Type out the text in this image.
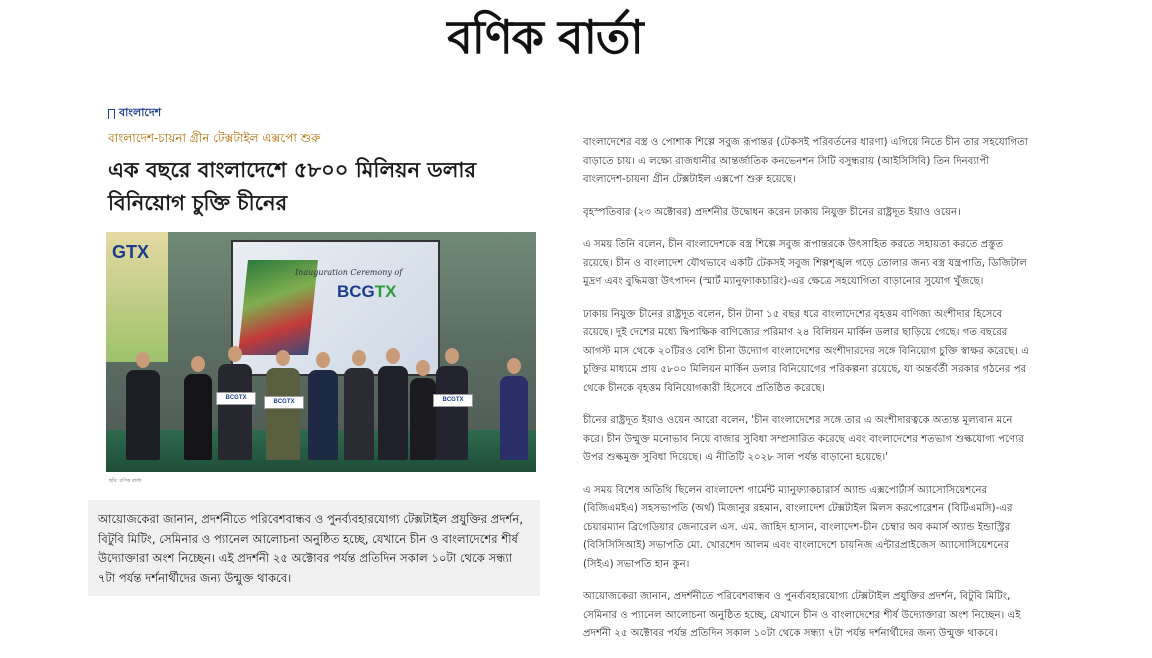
বণিক বার্তা
বাংলাদেশ
বাংলাদেশ-চায়না গ্রীন টেক্সটাইল এক্সপো শুরু
এক বছরে বাংলাদেশে ৫৮০০ মিলিয়ন ডলার
বিনিয়োগ চুক্তি চীনের
GTX
Inauguration Ceremony of
BCGTX
BCGTX
BCGTX	BCGTX
ছবি: বণিক বার্তা
আয়োজকেরা জানান, প্রদর্শনীতে পরিবেশবান্ধব ও পুনর্ব্যবহারযোগ্য টেক্সটাইল প্রযুক্তির প্রদর্শন, বিটুবি মিটিং, সেমিনার ও প্যানেল আলোচনা অনুষ্ঠিত হচ্ছে, যেখানে চীন ও বাংলাদেশের শীর্ষ উদ্যোক্তারা অংশ নিচ্ছেন। এই প্রদর্শনী ২৫ অক্টোবর পর্যন্ত প্রতিদিন সকাল ১০টা থেকে সন্ধ্যা ৭টা পর্যন্ত দর্শনার্থীদের জন্য উন্মুক্ত থাকবে।

বাংলাদেশের বস্ত্র ও পোশাক শিল্পে সবুজ রূপান্তর (টেকসই পরিবর্তনের ধারণা) এগিয়ে নিতে চীন তার সহযোগিতা বাড়াতে চায়। এ লক্ষ্যে রাজধানীর আন্তর্জাতিক কনভেনশন সিটি বসুন্ধরায় (আইসিসিবি) তিন দিনব্যাপী বাংলাদেশ-চায়না গ্রীন টেক্সটাইল এক্সপো শুরু হয়েছে।

বৃহস্পতিবার (২৩ অক্টোবর) প্রদর্শনীর উদ্বোধন করেন ঢাকায় নিযুক্ত চীনের রাষ্ট্রদূত ইয়াও ওয়েন।

এ সময় তিনি বলেন, চীন বাংলাদেশকে বস্ত্র শিল্পে সবুজ রূপান্তরকে উৎসাহিত করতে সহায়তা করতে প্রস্তুত রয়েছে। চীন ও বাংলাদেশ যৌথভাবে একটি টেকসই সবুজ শিল্পশৃঙ্খল গড়ে তোলার জন্য বস্ত্র যন্ত্রপাতি, ডিজিটাল মুদ্রণ এবং বুদ্ধিমত্তা উৎপাদন (স্মার্ট ম্যানুফ্যাকচারিং)-এর ক্ষেত্রে সহযোগিতা বাড়ানোর সুযোগ খুঁজছে।

ঢাকায় নিযুক্ত চীনের রাষ্ট্রদূত বলেন, চীন টানা ১৫ বছর ধরে বাংলাদেশের বৃহত্তম বাণিজ্য অংশীদার হিসেবে রয়েছে। দুই দেশের মধ্যে দ্বিপাক্ষিক বাণিজ্যের পরিমাণ ২৪ বিলিয়ন মার্কিন ডলার ছাড়িয়ে গেছে। গত বছরের আগস্ট মাস থেকে ২০টিরও বেশি চীনা উদ্যোগ বাংলাদেশের অংশীদারদের সঙ্গে বিনিয়োগ চুক্তি স্বাক্ষর করেছে। এ চুক্তির মাধ্যমে প্রায় ৫৮০০ মিলিয়ন মার্কিন ডলার বিনিয়োগের পরিকল্পনা রয়েছে, যা অন্তর্বর্তী সরকার গঠনের পর থেকে চীনকে বৃহত্তম বিনিয়োগকারী হিসেবে প্রতিষ্ঠিত করেছে।

চীনের রাষ্ট্রদূত ইয়াও ওয়েন আরো বলেন, 'চীন বাংলাদেশের সঙ্গে তার এ অংশীদারত্বকে অত্যন্ত মূল্যবান মনে করে। চীন উন্মুক্ত মনোভাব নিয়ে বাজার সুবিধা সম্প্রসারিত করেছে এবং বাংলাদেশের শতভাগ শুল্কযোগ্য পণ্যের উপর শুল্কমুক্ত সুবিধা দিয়েছে। এ নীতিটি ২০২৮ সাল পর্যন্ত বাড়ানো হয়েছে।'

এ সময় বিশেষ অতিথি ছিলেন বাংলাদেশ গার্মেন্ট ম্যানুফ্যাকচারার্স অ্যান্ড এক্সপোর্টার্স অ্যাসোসিয়েশনের (বিজিএমইএ) সহসভাপতি (অর্থ) মিজানুর রহমান, বাংলাদেশ টেক্সটাইল মিলস করপোরেশন (বিটিএমসি)-এর চেয়ারম্যান ব্রিগেডিয়ার জেনারেল এস. এম. জাহিদ হাসান, বাংলাদেশ-চীন চেম্বার অব কমার্স অ্যান্ড ইন্ডাস্ট্রির (বিসিসিসিআই) সভাপতি মো. খোরশেদ আলম এবং বাংলাদেশে চায়নিজ এন্টারপ্রাইজেস অ্যাসোসিয়েশনের (সিইএ) সভাপতি হান কুন।

আয়োজকেরা জানান, প্রদর্শনীতে পরিবেশবান্ধব ও পুনর্ব্যবহারযোগ্য টেক্সটাইল প্রযুক্তির প্রদর্শন, বিটুবি মিটিং, সেমিনার ও প্যানেল আলোচনা অনুষ্ঠিত হচ্ছে, যেখানে চীন ও বাংলাদেশের শীর্ষ উদ্যোক্তারা অংশ নিচ্ছেন। এই প্রদর্শনী ২৫ অক্টোবর পর্যন্ত প্রতিদিন সকাল ১০টা থেকে সন্ধ্যা ৭টা পর্যন্ত দর্শনার্থীদের জন্য উন্মুক্ত থাকবে।
